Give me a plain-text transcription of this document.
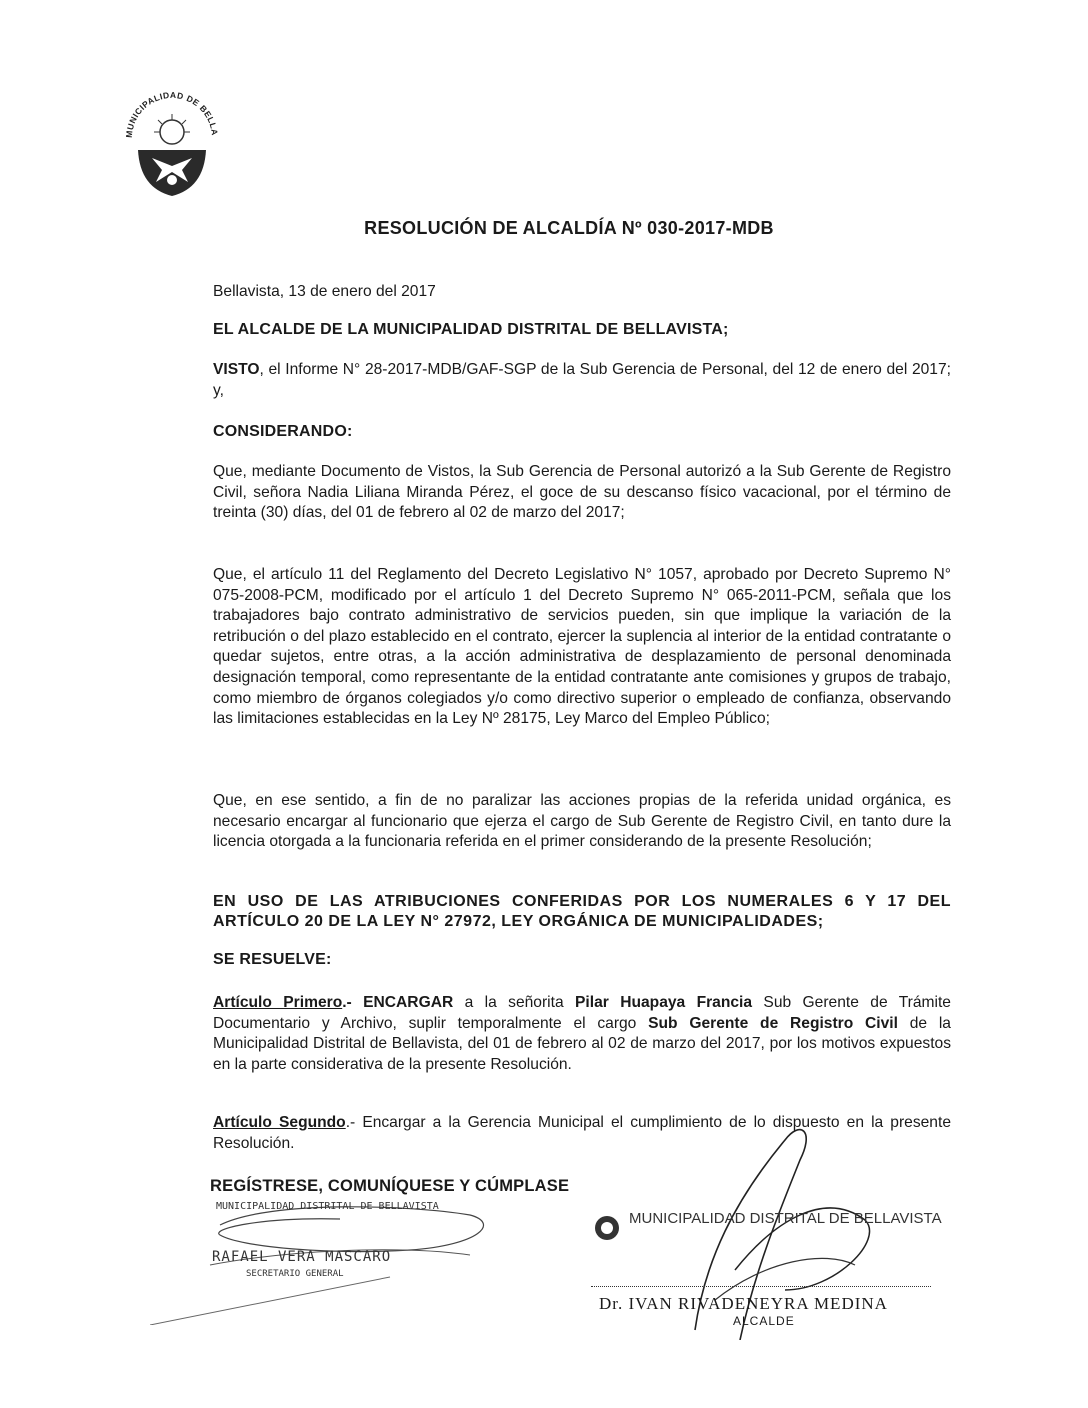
MUNICIPALIDAD DE BELLA
RESOLUCIÓN DE ALCALDÍA Nº 030-2017-MDB
Bellavista, 13 de enero del 2017
EL ALCALDE DE LA MUNICIPALIDAD DISTRITAL DE BELLAVISTA;

VISTO, el Informe N° 28-2017-MDB/GAF-SGP de la Sub Gerencia de Personal, del 12 de enero del 2017; y,

CONSIDERANDO:

Que, mediante Documento de Vistos, la Sub Gerencia de Personal autorizó a la Sub Gerente de Registro Civil, señora Nadia Liliana Miranda Pérez, el goce de su descanso físico vacacional, por el término de treinta (30) días, del 01 de febrero al 02 de marzo del 2017;

Que, el artículo 11 del Reglamento del Decreto Legislativo N° 1057, aprobado por Decreto Supremo N° 075-2008-PCM, modificado por el artículo 1 del Decreto Supremo N° 065-2011-PCM, señala que los trabajadores bajo contrato administrativo de servicios pueden, sin que implique la variación de la retribución o del plazo establecido en el contrato, ejercer la suplencia al interior de la entidad contratante o quedar sujetos, entre otras, a la acción administrativa de desplazamiento de personal denominada designación temporal, como representante de la entidad contratante ante comisiones y grupos de trabajo, como miembro de órganos colegiados y/o como directivo superior o empleado de confianza, observando las limitaciones establecidas en la Ley Nº 28175, Ley Marco del Empleo Público;

Que, en ese sentido, a fin de no paralizar las acciones propias de la referida unidad orgánica, es necesario encargar al funcionario que ejerza el cargo de Sub Gerente de Registro Civil, en tanto dure la licencia otorgada a la funcionaria referida en el primer considerando de la presente Resolución;

EN USO DE LAS ATRIBUCIONES CONFERIDAS POR LOS NUMERALES 6 Y 17 DEL ARTÍCULO 20 DE LA LEY N° 27972, LEY ORGÁNICA DE MUNICIPALIDADES;
SE RESUELVE:

Artículo Primero.- ENCARGAR a la señorita Pilar Huapaya Francia Sub Gerente de Trámite Documentario y Archivo, suplir temporalmente el cargo Sub Gerente de Registro Civil de la Municipalidad Distrital de Bellavista, del 01 de febrero al 02 de marzo del 2017, por los motivos expuestos en la parte considerativa de la presente Resolución.

Artículo Segundo.- Encargar a la Gerencia Municipal el cumplimiento de lo dispuesto en la presente Resolución.

REGÍSTRESE, COMUNÍQUESE Y CÚMPLASE
MUNICIPALIDAD DISTRITAL DE BELLAVISTA
RAFAEL VERA MASCARO
SECRETARIO GENERAL
MUNICIPALIDAD DISTRITAL DE BELLAVISTA
Dr. IVAN RIVADENEYRA MEDINA
ALCALDE
